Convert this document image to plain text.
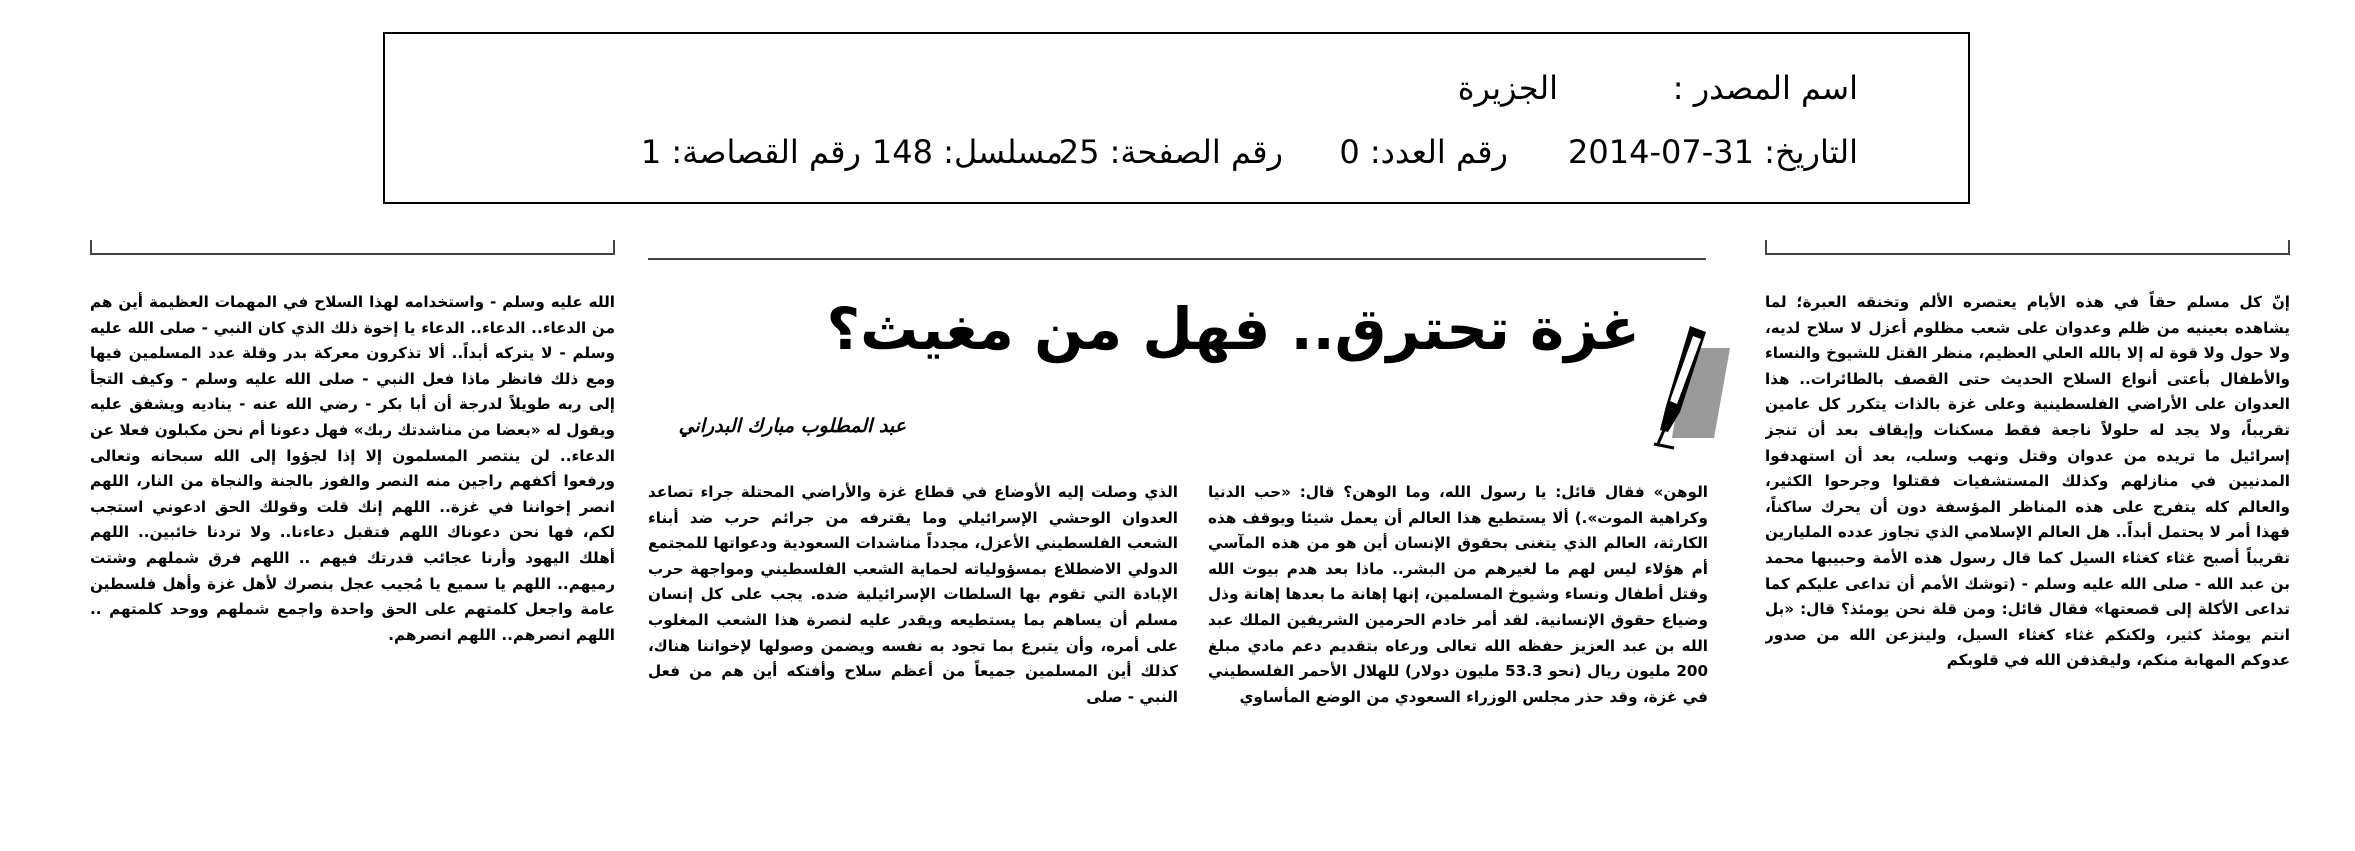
اسم المصدر :
الجزيرة
التاريخ: 31-07-2014
رقم العدد: 0
رقم الصفحة: 25
مسلسل: 148
رقم القصاصة: 1
غزة تحترق.. فهل من مغيث؟
عبد المطلوب مبارك البدراني

إنّ كل مسلم حقاً في هذه الأيام يعتصره الألم وتخنقه العبرة؛ لما يشاهده بعينيه من ظلم وعدوان على شعب مظلوم أعزل لا سلاح لديه، ولا حول ولا قوة له إلا بالله العلي العظيم، منظر القتل للشيوخ والنساء والأطفال بأعتى أنواع السلاح الحديث حتى القصف بالطائرات.. هذا العدوان على الأراضي الفلسطينية وعلى غزة بالذات يتكرر كل عامين تقريباً، ولا يجد له حلولاً ناجعة فقط مسكنات وإيقاف بعد أن تنجز إسرائيل ما تريده من عدوان وقتل ونهب وسلب، بعد أن استهدفوا المدنيين في منازلهم وكذلك المستشفيات فقتلوا وجرحوا الكثير، والعالم كله يتفرج على هذه المناظر المؤسفة دون أن يحرك ساكناً، فهذا أمر لا يحتمل أبداً.. هل العالم الإسلامي الذي تجاوز عدده المليارين تقريباً أصبح غثاء كغثاء السيل كما قال رسول هذه الأمة وحبيبها محمد بن عبد الله - صلى الله عليه وسلم - (توشك الأمم أن تداعى عليكم كما تداعى الأكلة إلى قصعتها» فقال قائل: ومن قلة نحن يومئذ؟ قال: «بل انتم يومئذ كثير، ولكنكم غثاء كغثاء السيل، ولينزعن الله من صدور عدوكم المهابة منكم، وليقذفن الله في قلوبكم

الوهن» فقال قائل: يا رسول الله، وما الوهن؟ قال: «حب الدنيا وكراهية الموت».) ألا يستطيع هذا العالم أن يعمل شيئا ويوقف هذه الكارثة، العالم الذي يتغنى بحقوق الإنسان أين هو من هذه المآسي أم هؤلاء ليس لهم ما لغيرهم من البشر.. ماذا بعد هدم بيوت الله وقتل أطفال ونساء وشيوخ المسلمين، إنها إهانة ما بعدها إهانة وذل وضياع حقوق الإنسانية. لقد أمر خادم الحرمين الشريفين الملك عبد الله بن عبد العزيز حفظه الله تعالى ورعاه بتقديم دعم مادي مبلغ 200 مليون ريال (نحو 53.3 مليون دولار) للهلال الأحمر الفلسطيني في غزة، وقد حذر مجلس الوزراء السعودي من الوضع المأساوي

الذي وصلت إليه الأوضاع في قطاع غزة والأراضي المحتلة جراء تصاعد العدوان الوحشي الإسرائيلي وما يقترفه من جرائم حرب ضد أبناء الشعب الفلسطيني الأعزل، مجدداً مناشدات السعودية ودعواتها للمجتمع الدولي الاضطلاع بمسؤولياته لحماية الشعب الفلسطيني ومواجهة حرب الإبادة التي تقوم بها السلطات الإسرائيلية ضده. يجب على كل إنسان مسلم أن يساهم بما يستطيعه ويقدر عليه لنصرة هذا الشعب المغلوب على أمره، وأن يتبرع بما تجود به نفسه ويضمن وصولها لإخواننا هناك، كذلك أين المسلمين جميعاً من أعظم سلاح وأفتكه أين هم من فعل النبي - صلى

الله عليه وسلم - واستخدامه لهذا السلاح في المهمات العظيمة أين هم من الدعاء.. الدعاء.. الدعاء يا إخوة ذلك الذي كان النبي - صلى الله عليه وسلم - لا يتركه أبداً.. ألا تذكرون معركة بدر وقلة عدد المسلمين فيها ومع ذلك فانظر ماذا فعل النبي - صلى الله عليه وسلم - وكيف التجأ إلى ربه طويلاً لدرجة أن أبا بكر - رضي الله عنه - يناديه ويشفق عليه ويقول له «بعضا من مناشدتك ربك» فهل دعونا أم نحن مكبلون فعلا عن الدعاء.. لن ينتصر المسلمون إلا إذا لجؤوا إلى الله سبحانه وتعالى ورفعوا أكفهم راجين منه النصر والفوز بالجنة والنجاة من النار، اللهم انصر إخواننا في غزة.. اللهم إنك قلت وقولك الحق ادعوني استجب لكم، فها نحن دعوناك اللهم فتقبل دعاءنا.. ولا تردنا خائبين.. اللهم أهلك اليهود وأرنا عجائب قدرتك فيهم .. اللهم فرق شملهم وشتت رميهم.. اللهم يا سميع يا مُجيب عجل بنصرك لأهل غزة وأهل فلسطين عامة واجعل كلمتهم على الحق واحدة واجمع شملهم ووحد كلمتهم .. اللهم انصرهم.. اللهم انصرهم.
